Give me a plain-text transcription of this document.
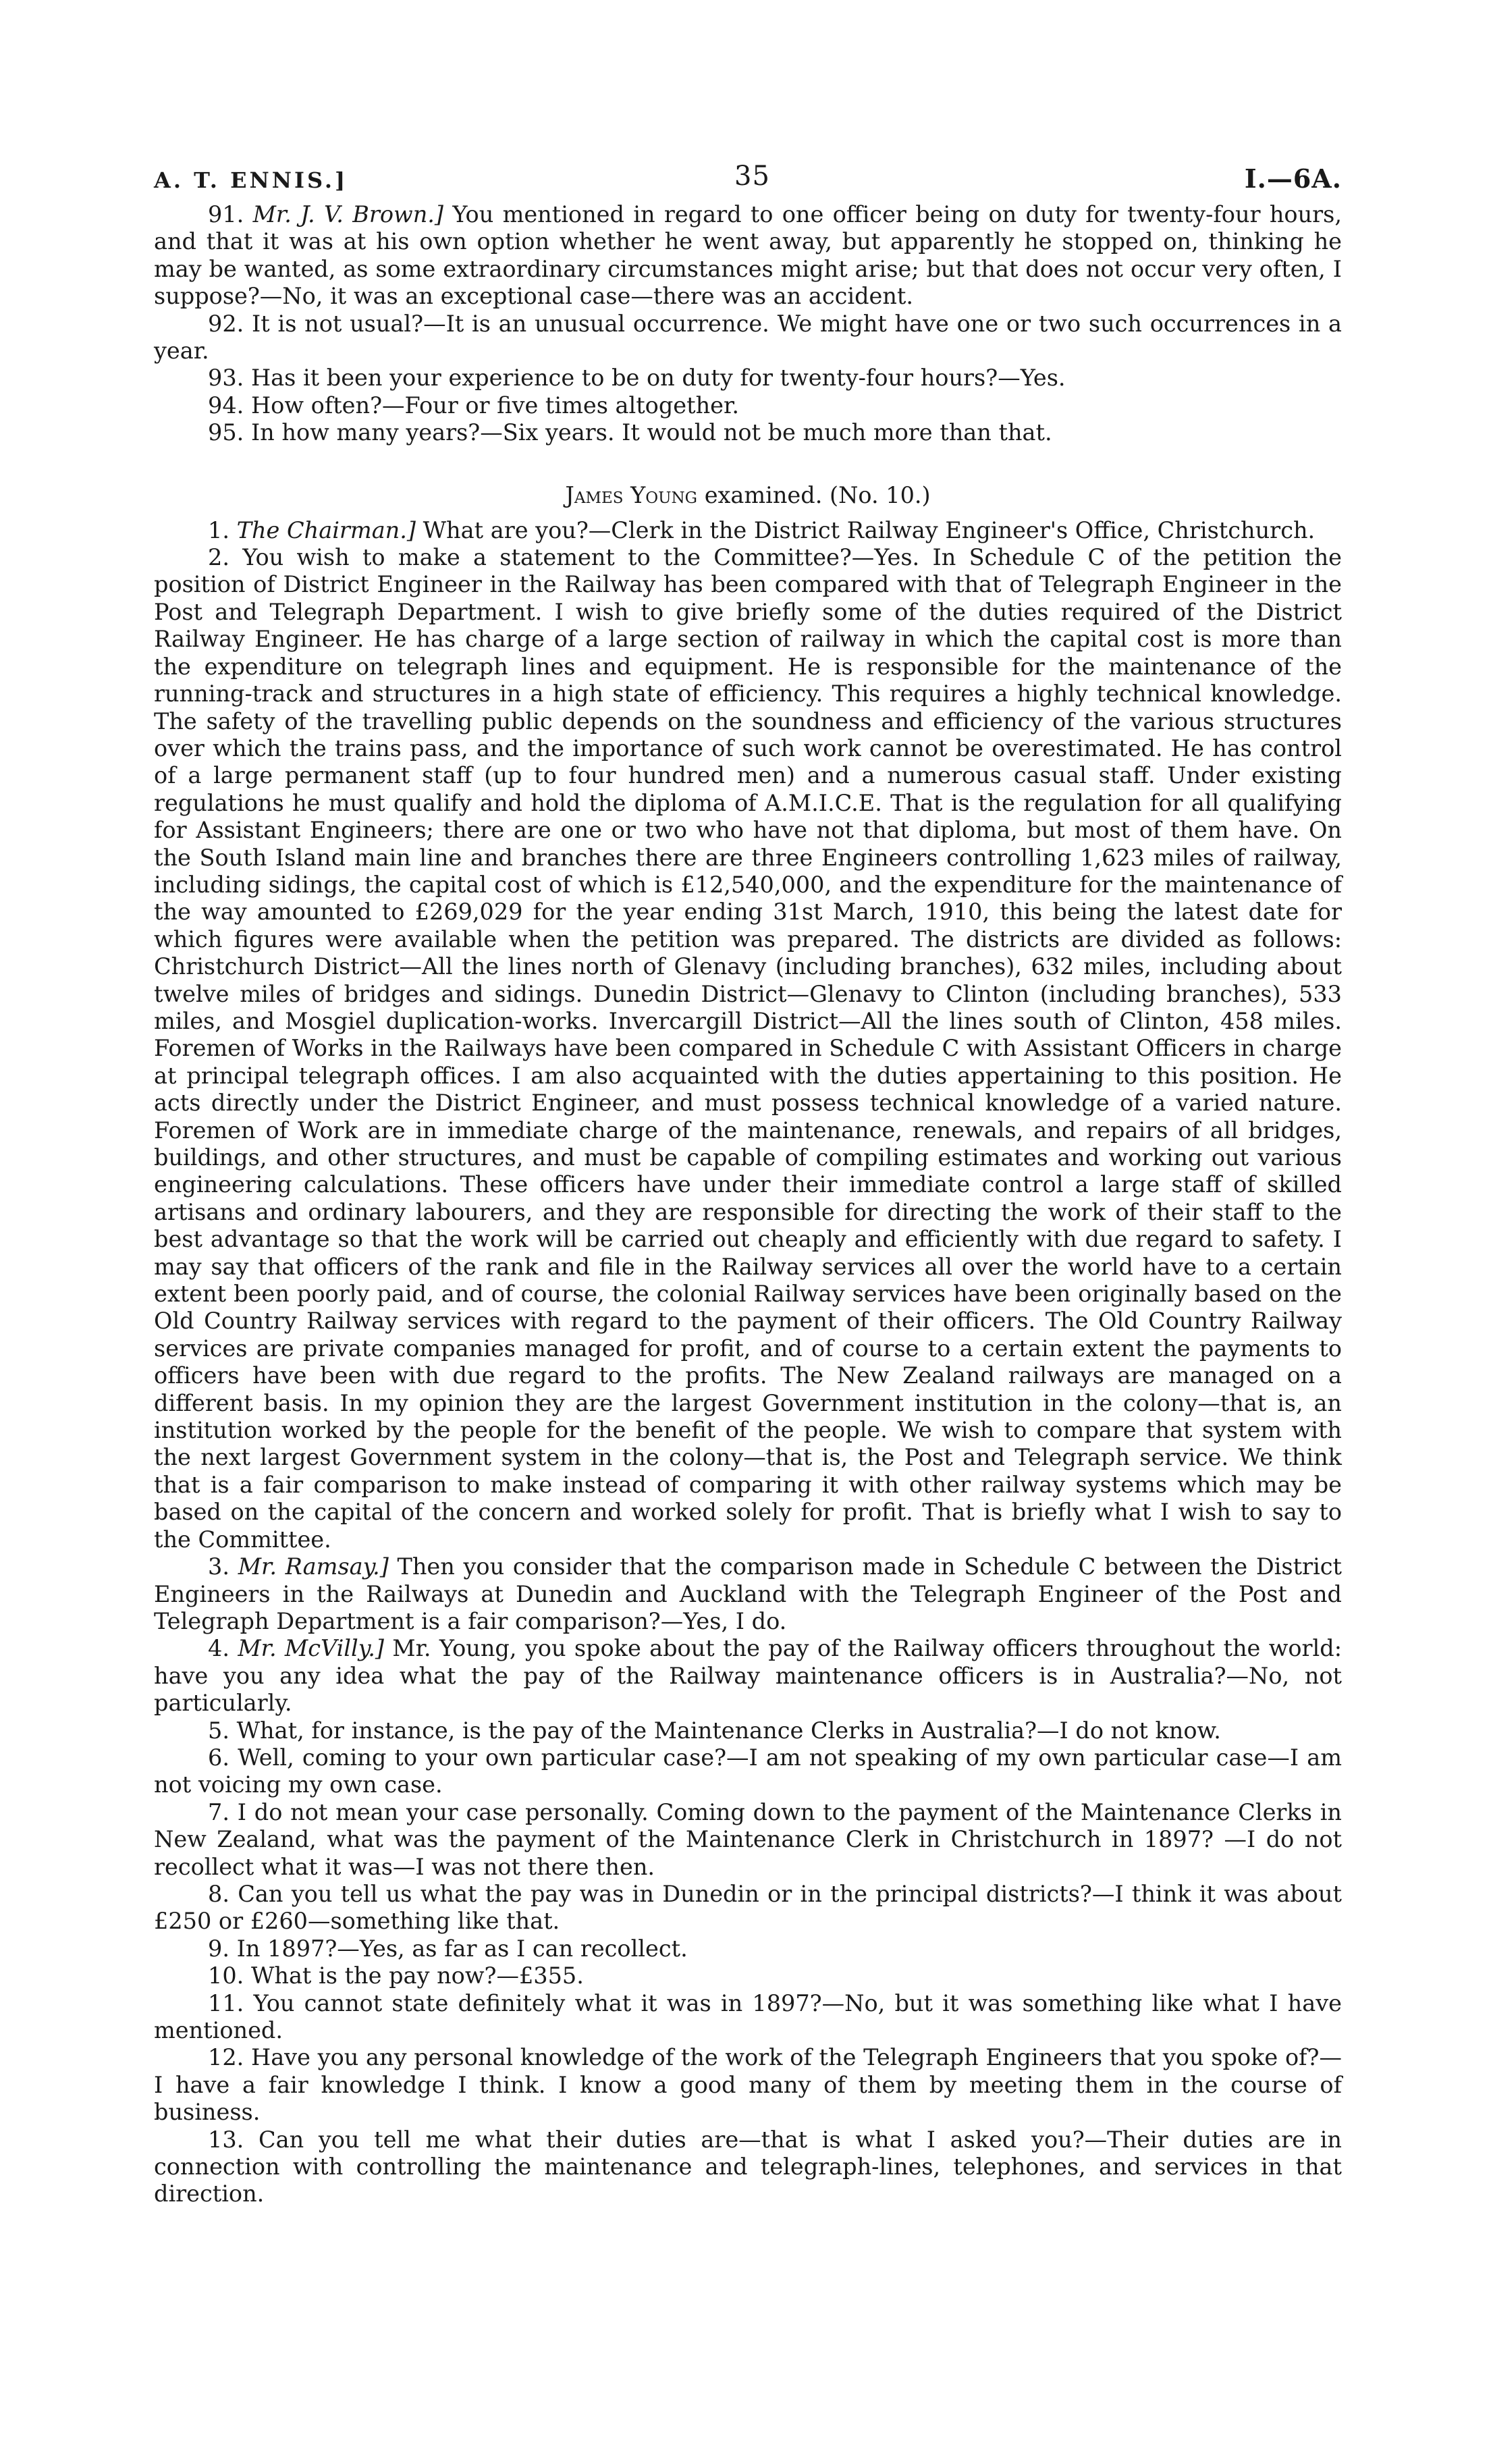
A. T. ENNIS.]	35	I.—6A.

91. Mr. J. V. Brown.] You mentioned in regard to one officer being on duty for twenty-four hours, and that it was at his own option whether he went away, but apparently he stopped on, thinking he may be wanted, as some extraordinary circumstances might arise; but that does not occur very often, I suppose?—No, it was an exceptional case—there was an accident.

92. It is not usual?—It is an unusual occurrence. We might have one or two such occurrences in a year.

93. Has it been your experience to be on duty for twenty-four hours?—Yes.

94. How often?—Four or five times altogether.

95. In how many years?—Six years. It would not be much more than that.

James Young examined. (No. 10.)

1. The Chairman.] What are you?—Clerk in the District Railway Engineer's Office, Christchurch.

2. You wish to make a statement to the Committee?—Yes. In Schedule C of the petition the position of District Engineer in the Railway has been compared with that of Telegraph Engineer in the Post and Telegraph Department. I wish to give briefly some of the duties required of the District Railway Engineer. He has charge of a large section of railway in which the capital cost is more than the expenditure on telegraph lines and equipment. He is responsible for the maintenance of the running-track and structures in a high state of efficiency. This requires a highly technical knowledge. The safety of the travelling public depends on the soundness and efficiency of the various structures over which the trains pass, and the importance of such work cannot be overestimated. He has control of a large permanent staff (up to four hundred men) and a numerous casual staff. Under existing regulations he must qualify and hold the diploma of A.M.I.C.E. That is the regulation for all qualifying for Assistant Engineers; there are one or two who have not that diploma, but most of them have. On the South Island main line and branches there are three Engineers controlling 1,623 miles of railway, including sidings, the capital cost of which is £12,540,000, and the expenditure for the maintenance of the way amounted to £269,029 for the year ending 31st March, 1910, this being the latest date for which figures were available when the petition was prepared. The districts are divided as follows: Christchurch District—All the lines north of Glenavy (including branches), 632 miles, including about twelve miles of bridges and sidings. Dunedin District—Glenavy to Clinton (including branches), 533 miles, and Mosgiel duplication-works. Invercargill District—All the lines south of Clinton, 458 miles. Foremen of Works in the Railways have been compared in Schedule C with Assistant Officers in charge at principal telegraph offices. I am also acquainted with the duties appertaining to this position. He acts directly under the District Engineer, and must possess technical knowledge of a varied nature. Foremen of Work are in immediate charge of the maintenance, renewals, and repairs of all bridges, buildings, and other structures, and must be capable of compiling estimates and working out various engineering calculations. These officers have under their immediate control a large staff of skilled artisans and ordinary labourers, and they are responsible for directing the work of their staff to the best advantage so that the work will be carried out cheaply and efficiently with due regard to safety. I may say that officers of the rank and file in the Railway services all over the world have to a certain extent been poorly paid, and of course, the colonial Railway services have been originally based on the Old Country Railway services with regard to the payment of their officers. The Old Country Railway services are private companies managed for profit, and of course to a certain extent the payments to officers have been with due regard to the profits. The New Zealand railways are managed on a different basis. In my opinion they are the largest Government institution in the colony—that is, an institution worked by the people for the benefit of the people. We wish to compare that system with the next largest Government system in the colony—that is, the Post and Telegraph service. We think that is a fair comparison to make instead of comparing it with other railway systems which may be based on the capital of the concern and worked solely for profit. That is briefly what I wish to say to the Committee.

3. Mr. Ramsay.] Then you consider that the comparison made in Schedule C between the District Engineers in the Railways at Dunedin and Auckland with the Telegraph Engineer of the Post and Telegraph Department is a fair comparison?—Yes, I do.

4. Mr. McVilly.] Mr. Young, you spoke about the pay of the Railway officers throughout the world: have you any idea what the pay of the Railway maintenance officers is in Australia?—No, not particularly.

5. What, for instance, is the pay of the Maintenance Clerks in Australia?—I do not know.

6. Well, coming to your own particular case?—I am not speaking of my own particular case—I am not voicing my own case.

7. I do not mean your case personally. Coming down to the payment of the Maintenance Clerks in New Zealand, what was the payment of the Maintenance Clerk in Christchurch in 1897? —I do not recollect what it was—I was not there then.

8. Can you tell us what the pay was in Dunedin or in the principal districts?—I think it was about £250 or £260—something like that.

9. In 1897?—Yes, as far as I can recollect.

10. What is the pay now?—£355.

11. You cannot state definitely what it was in 1897?—No, but it was something like what I have mentioned.

12. Have you any personal knowledge of the work of the Telegraph Engineers that you spoke of?—I have a fair knowledge I think. I know a good many of them by meeting them in the course of business.

13. Can you tell me what their duties are—that is what I asked you?—Their duties are in connection with controlling the maintenance and telegraph-lines, telephones, and services in that direction.
